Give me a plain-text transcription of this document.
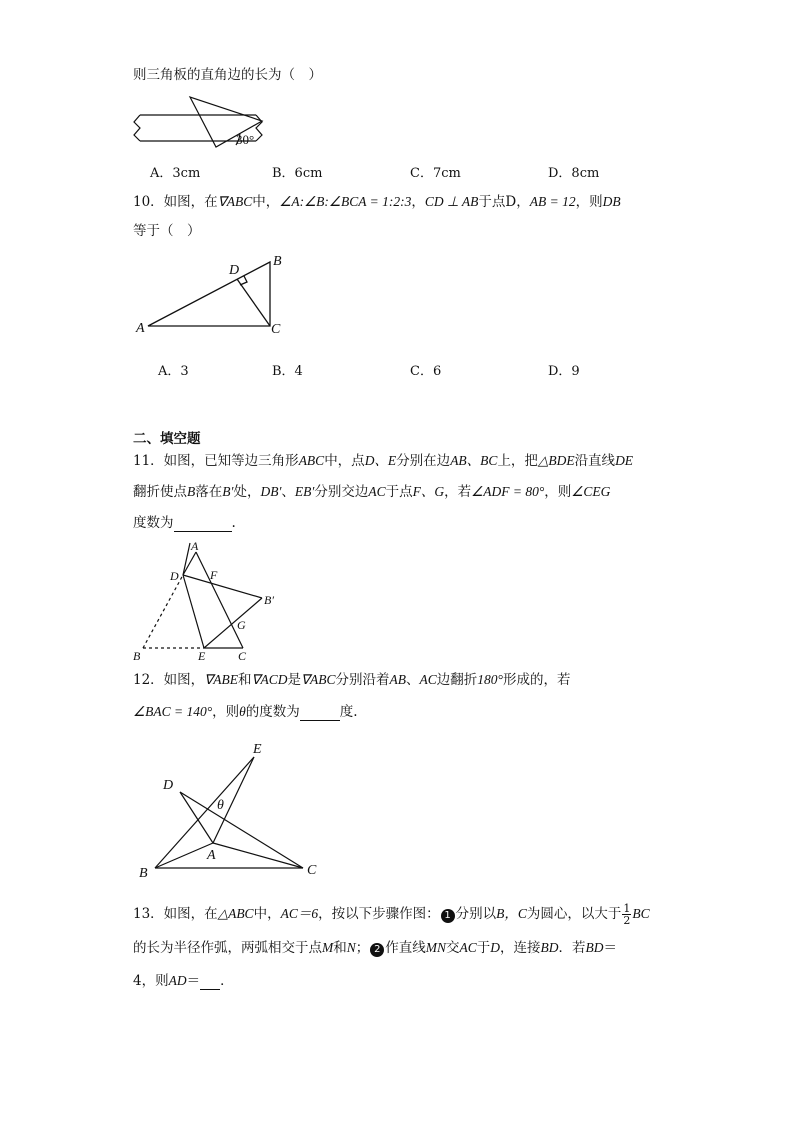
则三角板的直角边的长为（　）
30°
A．3cm	B．6cm	C．7cm	D．8cm
10．如图，在∇ABC中，∠A:∠B:∠BCA = 1:2:3，CD ⊥ AB于点D，AB = 12，则DB
等于（　）
A
B
C
D
A．3	B．4	C．6	D．9
二、填空题
11．如图，已知等边三角形ABC中，点D、E分别在边AB、BC上，把△BDE沿直线DE
翻折使点B落在B′处，DB′、EB′分别交边AC于点F、G，若∠ADF = 80°，则∠CEG
度数为	.
A
D	F
B′
G
B	E	C
12．如图，∇ABE和∇ACD是∇ABC分别沿着AB、AC边翻折180°形成的，若
∠BAC = 140°，则θ的度数为	度.
E
D
θ
A
B	C
13．如图，在△ABC中，AC＝6，按以下步骤作图： 1 分别以B，C为圆心，以大于 $\frac{1}{2}$ BC
的长为半径作弧，两弧相交于点M和N； 2 作直线MN交AC于D，连接BD．若BD＝
4，则AD＝ ．
